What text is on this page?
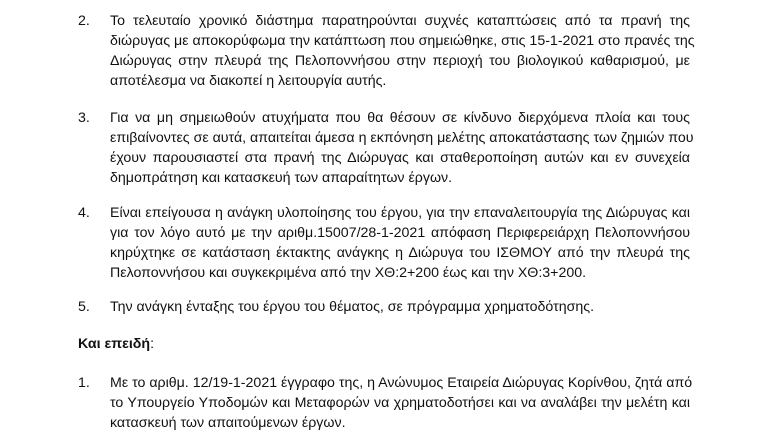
2. Το τελευταίο χρονικό διάστημα παρατηρούνται συχνές καταπτώσεις από τα πρανή της
διώρυγας με αποκορύφωμα την κατάπτωση που σημειώθηκε, στις 15-1-2021 στο πρανές της
Διώρυγας στην πλευρά της Πελοποννήσου στην περιοχή του βιολογικού καθαρισμού, με
αποτέλεσμα να διακοπεί η λειτουργία αυτής.
3. Για να μη σημειωθούν ατυχήματα που θα θέσουν σε κίνδυνο διερχόμενα πλοία και τους
επιβαίνοντες σε αυτά, απαιτείται άμεσα η εκπόνηση μελέτης αποκατάστασης των ζημιών που
έχουν παρουσιαστεί στα πρανή της Διώρυγας και σταθεροποίηση αυτών και εν συνεχεία
δημοπράτηση και κατασκευή των απαραίτητων έργων.
4. Είναι επείγουσα η ανάγκη υλοποίησης του έργου, για την επαναλειτουργία της Διώρυγας και
για τον λόγο αυτό με την αριθμ.15007/28-1-2021 απόφαση Περιφερειάρχη Πελοποννήσου
κηρύχτηκε σε κατάσταση έκτακτης ανάγκης η Διώρυγα του ΙΣΘΜΟΥ από την πλευρά της
Πελοποννήσου και συγκεκριμένα από την ΧΘ:2+200 έως και την ΧΘ:3+200.
5. Την ανάγκη ένταξης του έργου του θέματος, σε πρόγραμμα χρηματοδότησης.
Και επειδή:
1. Με το αριθμ. 12/19-1-2021 έγγραφο της, η Ανώνυμος Εταιρεία Διώρυγας Κορίνθου, ζητά από
το Υπουργείο Υποδομών και Μεταφορών να χρηματοδοτήσει και να αναλάβει την μελέτη και
κατασκευή των απαιτούμενων έργων.
